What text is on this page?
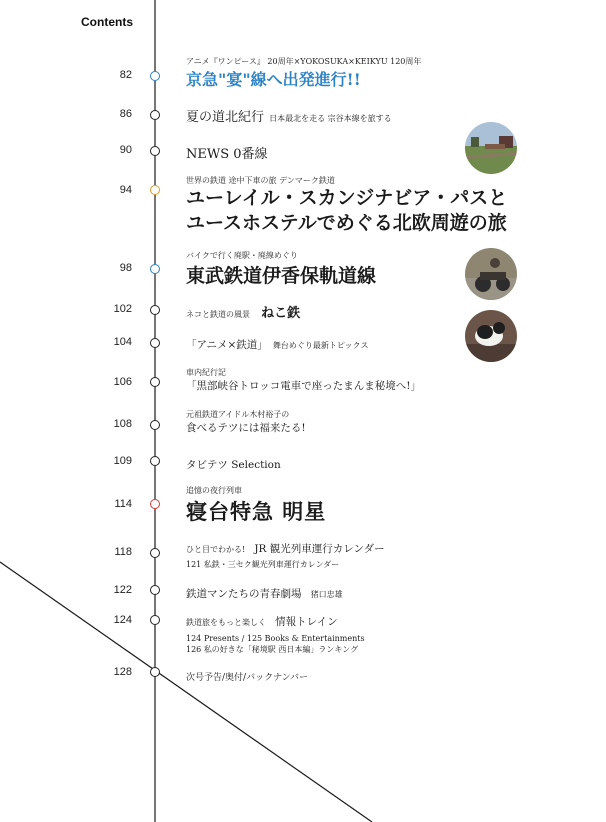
Contents
82
アニメ『ワンピース』 20周年×YOKOSUKA×KEIKYU 120周年
京急"宴"線へ出発進行!!
86	夏の道北紀行 日本最北を走る 宗谷本線を旅する
90	NEWS 0番線
94
世界の鉄道 途中下車の旅 デンマーク鉄道
ユーレイル・スカンジナビア・パスと
ユースホステルでめぐる北欧周遊の旅
98
バイクで行く廃駅・廃線めぐり
東武鉄道伊香保軌道線
102	ネコと鉄道の風景 ねこ鉄
104	「アニメ×鉄道」 舞台めぐり最新トピックス
106
車内紀行記
「黒部峡谷トロッコ電車で座ったまんま秘境へ!」
108
元祖鉄道アイドル木村裕子の
食べるテツには福来たる!
109	タビテツ Selection
114
追憶の夜行列車
寝台特急 明星
118	ひと目でわかる! JR 観光列車運行カレンダー
121 私鉄・三セク観光列車運行カレンダー
122	鉄道マンたちの青春劇場 猪口忠雄
124	鉄道旅をもっと楽しく 情報トレイン
124 Presents / 125 Books & Entertainments
126 私の好きな「秘境駅 西日本編」ランキング
128	次号予告/奥付/バックナンバー
